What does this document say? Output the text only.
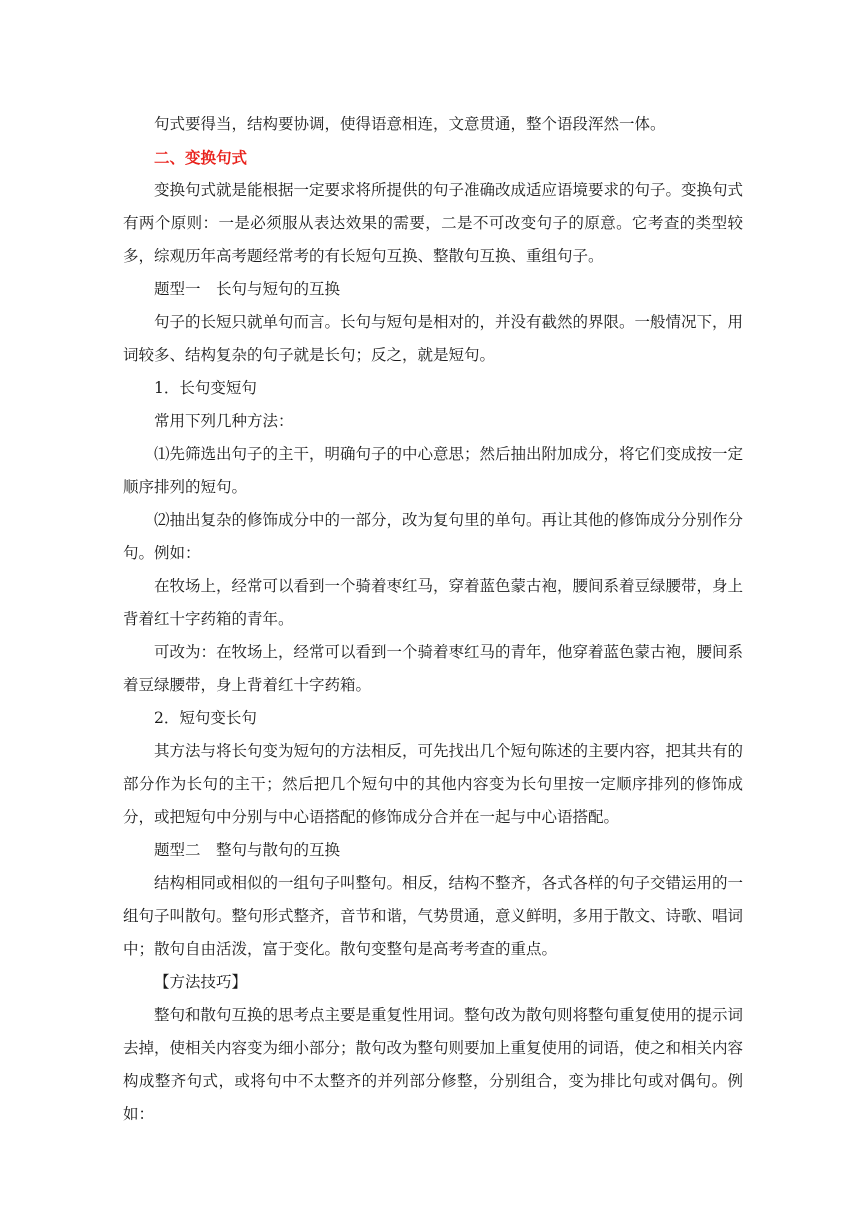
句式要得当，结构要协调，使得语意相连，文意贯通，整个语段浑然一体。

二、变换句式

变换句式就是能根据一定要求将所提供的句子准确改成适应语境要求的句子。变换句式有两个原则：一是必须服从表达效果的需要，二是不可改变句子的原意。它考查的类型较多，综观历年高考题经常考的有长短句互换、整散句互换、重组句子。

题型一　长句与短句的互换

句子的长短只就单句而言。长句与短句是相对的，并没有截然的界限。一般情况下，用词较多、结构复杂的句子就是长句；反之，就是短句。

1．长句变短句

常用下列几种方法：

⑴先筛选出句子的主干，明确句子的中心意思；然后抽出附加成分，将它们变成按一定顺序排列的短句。

⑵抽出复杂的修饰成分中的一部分，改为复句里的单句。再让其他的修饰成分分别作分句。例如：

在牧场上，经常可以看到一个骑着枣红马，穿着蓝色蒙古袍，腰间系着豆绿腰带，身上背着红十字药箱的青年。

可改为：在牧场上，经常可以看到一个骑着枣红马的青年，他穿着蓝色蒙古袍，腰间系着豆绿腰带，身上背着红十字药箱。

2．短句变长句

其方法与将长句变为短句的方法相反，可先找出几个短句陈述的主要内容，把其共有的部分作为长句的主干；然后把几个短句中的其他内容变为长句里按一定顺序排列的修饰成分，或把短句中分别与中心语搭配的修饰成分合并在一起与中心语搭配。

题型二　整句与散句的互换

结构相同或相似的一组句子叫整句。相反，结构不整齐，各式各样的句子交错运用的一组句子叫散句。整句形式整齐，音节和谐，气势贯通，意义鲜明，多用于散文、诗歌、唱词中；散句自由活泼，富于变化。散句变整句是高考考查的重点。

【方法技巧】

整句和散句互换的思考点主要是重复性用词。整句改为散句则将整句重复使用的提示词去掉，使相关内容变为细小部分；散句改为整句则要加上重复使用的词语，使之和相关内容构成整齐句式，或将句中不太整齐的并列部分修整，分别组合，变为排比句或对偶句。例如：
